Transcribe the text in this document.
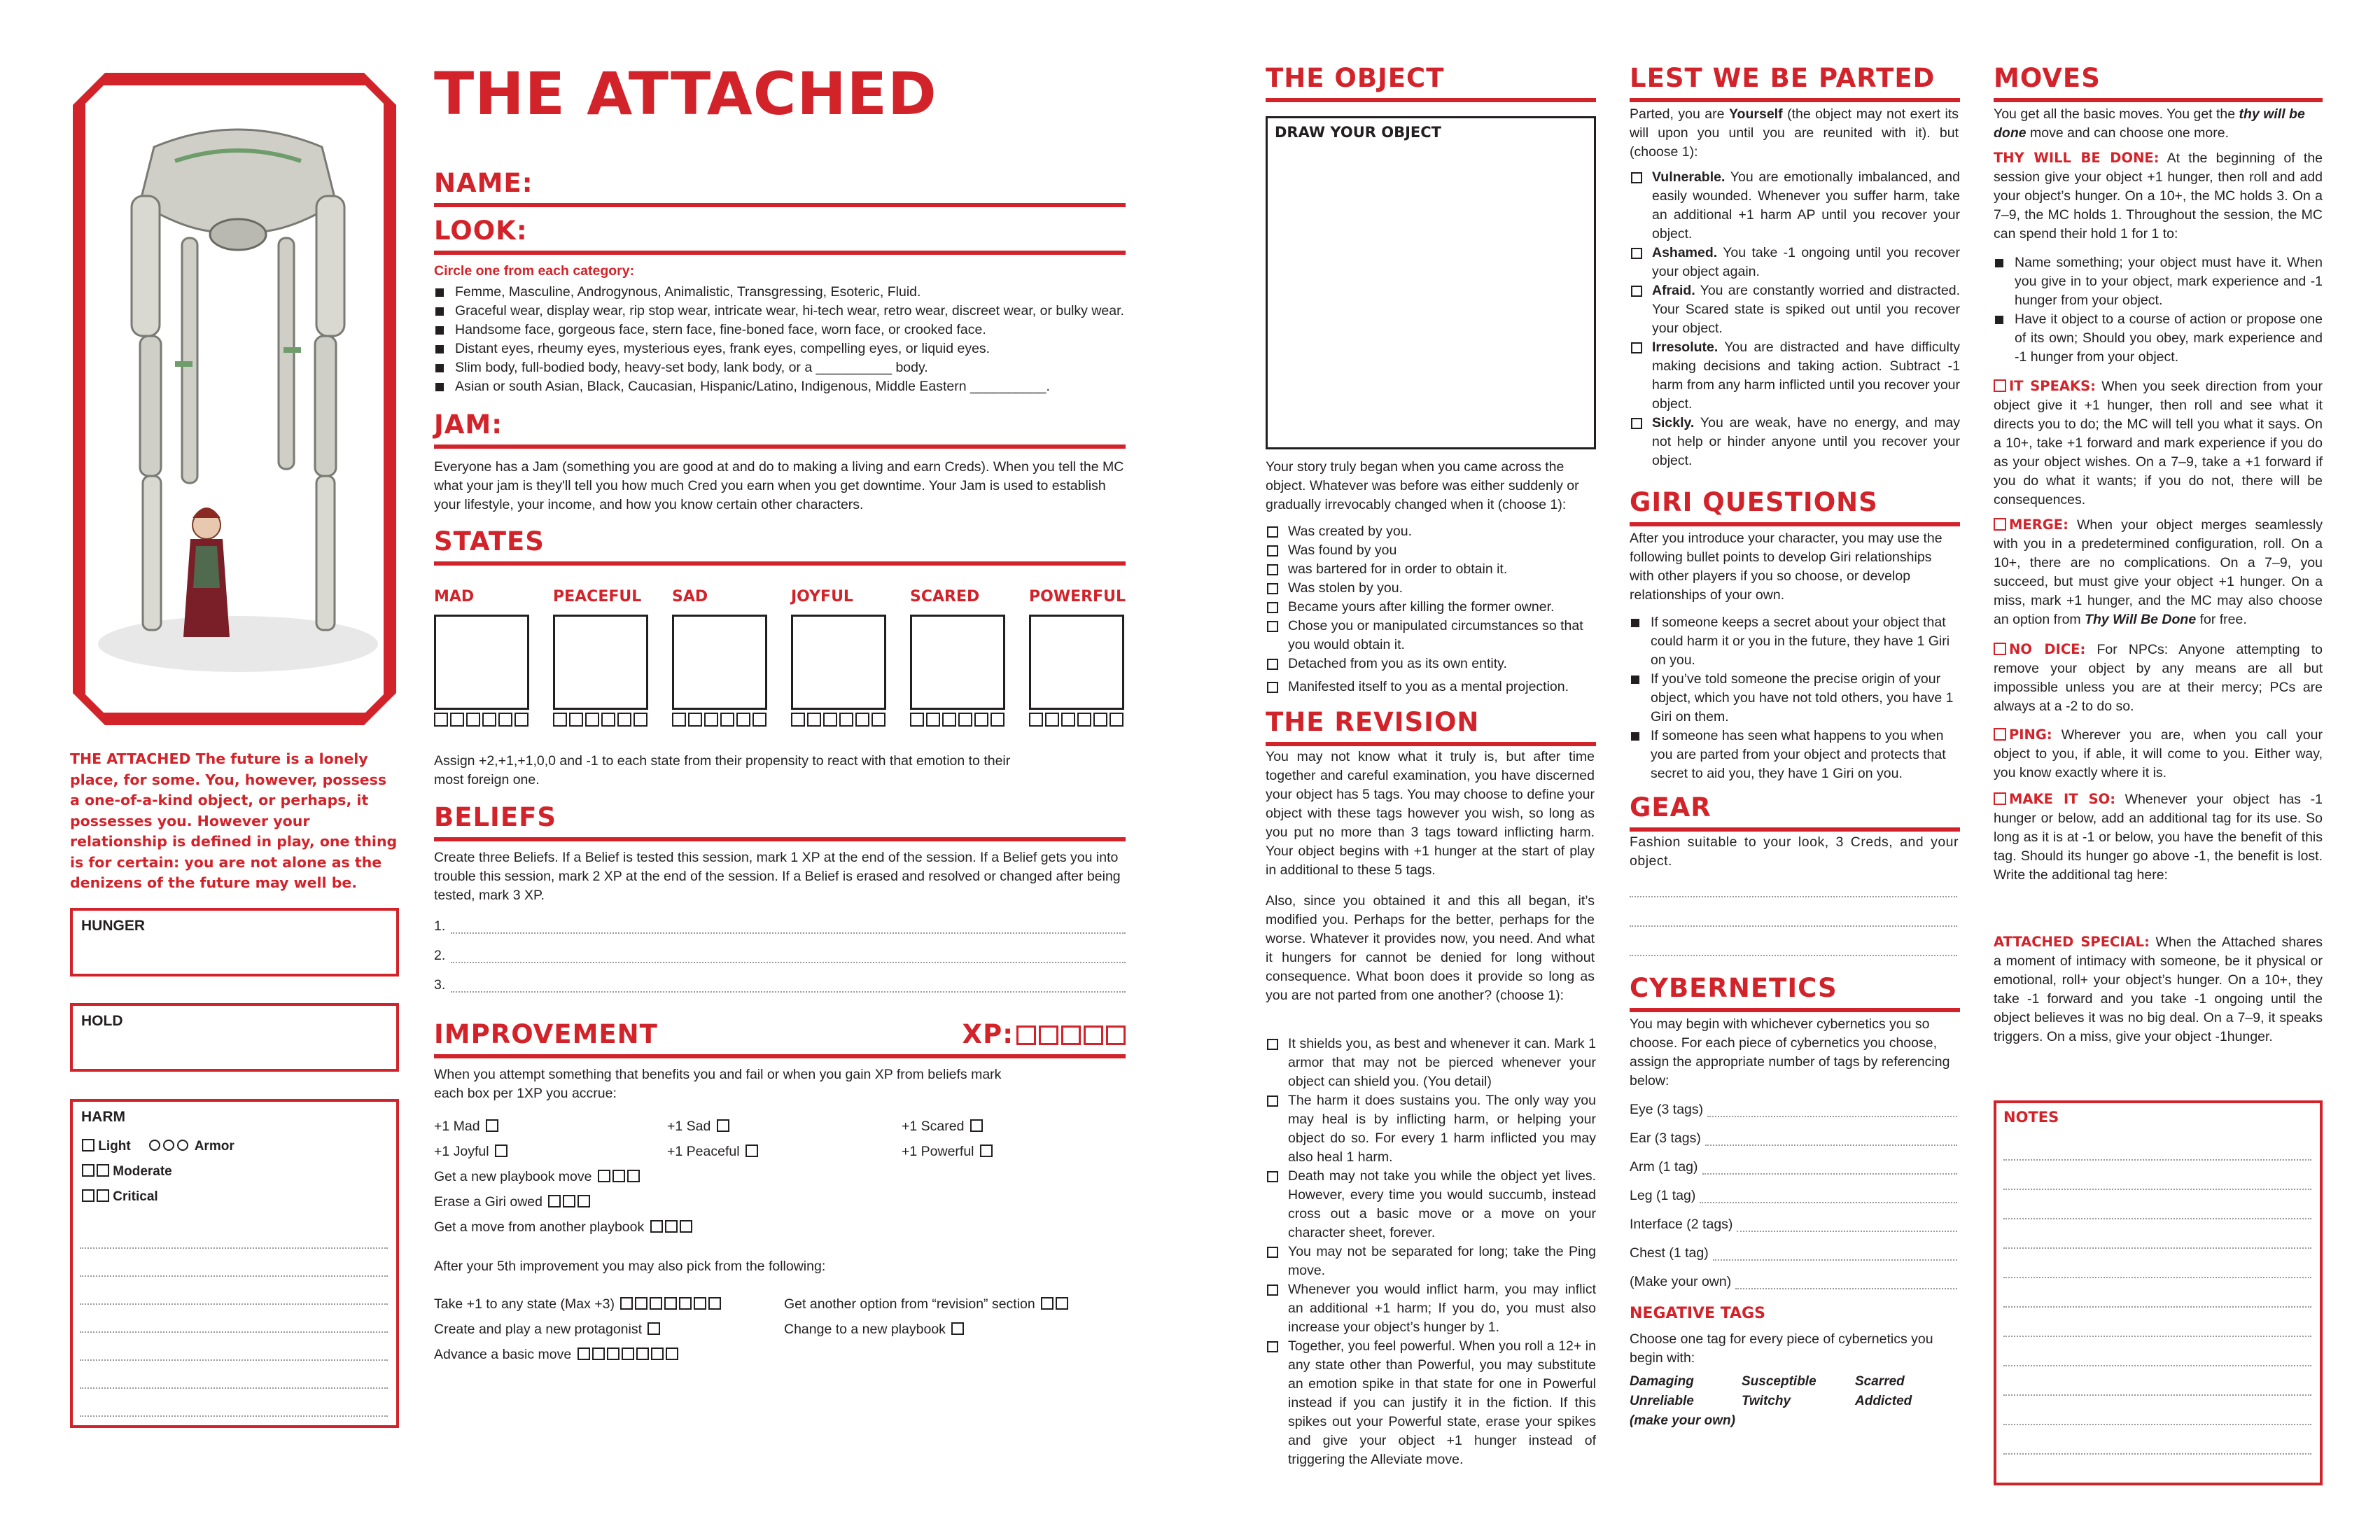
THE ATTACHED The future is a lonely place, for some. You, however, possess a one-of-a-kind object, or perhaps, it possesses you. However your relationship is defined in play, one thing is for certain: you are not alone as the denizens of the future may well be.
HUNGER
HOLD
HARM
Light	Armor
Moderate
Critical
THE ATTACHED
NAME:
LOOK:
Circle one from each category:
Femme, Masculine, Androgynous, Animalistic, Transgressing, Esoteric, Fluid.
Graceful wear, display wear, rip stop wear, intricate wear, hi-tech wear, retro wear, discreet wear, or bulky wear.
Handsome face, gorgeous face, stern face, fine-boned face, worn face, or crooked face.
Distant eyes, rheumy eyes, mysterious eyes, frank eyes, compelling eyes, or liquid eyes.
Slim body, full-bodied body, heavy-set body, lank body, or a __________ body.
Asian or south Asian, Black, Caucasian, Hispanic/Latino, Indigenous, Middle Eastern __________.
JAM:

Everyone has a Jam (something you are good at and do to making a living and earn Creds). When you tell the MC what your jam is they'll tell you how much Cred you earn when you get downtime. Your Jam is used to establish your lifestyle, your income, and how you know certain other characters.

STATES
MAD	PEACEFUL SAD	JOYFUL	SCARED	POWERFUL

Assign +2,+1,+1,0,0 and -1 to each state from their propensity to react with that emotion to their most foreign one.

BELIEFS

Create three Beliefs. If a Belief is tested this session, mark 1 XP at the end of the session. If a Belief gets you into trouble this session, mark 2 XP at the end of the session. If a Belief is erased and resolved or changed after being tested, mark 3 XP.

1.
2.
3.
IMPROVEMENT	XP:

When you attempt something that benefits you and fail or when you gain XP from beliefs mark each box per 1XP you accrue:

+1 Mad	+1 Sad	+1 Scared
+1 Joyful	+1 Peaceful	+1 Powerful
Get a new playbook move
Erase a Giri owed
Get a move from another playbook
After your 5th improvement you may also pick from the following:
Take +1 to any state (Max +3)	Get another option from “revision” section
Create and play a new protagonist	Change to a new playbook
Advance a basic move
THE OBJECT
DRAW YOUR OBJECT

Your story truly began when you came across the object. Whatever was before was either suddenly or gradually irrevocably changed when it (choose 1):

Was created by you.
Was found by you
was bartered for in order to obtain it.
Was stolen by you.
Became yours after killing the former owner.
Chose you or manipulated circumstances so that you would obtain it.
Detached from you as its own entity.
Manifested itself to you as a mental projection.
THE REVISION

You may not know what it truly is, but after time together and careful examination, you have discerned your object has 5 tags. You may choose to define your object with these tags however you wish, so long as you put no more than 3 tags toward inflicting harm. Your object begins with +1 hunger at the start of play in additional to these 5 tags.

Also, since you obtained it and this all began, it’s modified you. Perhaps for the better, perhaps for the worse. Whatever it provides now, you need. And what it hungers for cannot be denied for long without consequence. What boon does it provide so long as you are not parted from one another? (choose 1):

It shields you, as best and whenever it can. Mark 1 armor that may not be pierced whenever your object can shield you. (You detail)
The harm it does sustains you. The only way you may heal is by inflicting harm, or helping your object do so. For every 1 harm inflicted you may also heal 1 harm.
Death may not take you while the object yet lives. However, every time you would succumb, instead cross out a basic move or a move on your character sheet, forever.
You may not be separated for long; take the Ping move.
Whenever you would inflict harm, you may inflict an additional +1 harm; If you do, you must also increase your object’s hunger by 1.
Together, you feel powerful. When you roll a 12+ in any state other than Powerful, you may substitute an emotion spike in that state for one in Powerful instead if you can justify it in the fiction. If this spikes out your Powerful state, erase your spikes and give your object +1 hunger instead of triggering the Alleviate move.
LEST WE BE PARTED

Parted, you are Yourself (the object may not exert its will upon you until you are reunited with it). but (choose 1):

Vulnerable. You are emotionally imbalanced, and easily wounded. Whenever you suffer harm, take an additional +1 harm AP until you recover your object.
Ashamed. You take -1 ongoing until you recover your object again.
Afraid. You are constantly worried and distracted. Your Scared state is spiked out until you recover your object.
Irresolute. You are distracted and have difficulty making decisions and taking action. Subtract -1 harm from any harm inflicted until you recover your object.
Sickly. You are weak, have no energy, and may not help or hinder anyone until you recover your object.
GIRI QUESTIONS

After you introduce your character, you may use the following bullet points to develop Giri relationships with other players if you so choose, or develop relationships of your own.

If someone keeps a secret about your object that could harm it or you in the future, they have 1 Giri on you.
If you’ve told someone the precise origin of your object, which you have not told others, you have 1 Giri on them.
If someone has seen what happens to you when you are parted from your object and protects that secret to aid you, they have 1 Giri on you.
GEAR

Fashion suitable to your look, 3 Creds, and your object.

CYBERNETICS

You may begin with whichever cybernetics you so choose. For each piece of cybernetics you choose, assign the appropriate number of tags by referencing below:

Eye (3 tags)
Ear (3 tags)
Arm (1 tag)
Leg (1 tag)
Interface (2 tags)
Chest (1 tag)
(Make your own)
NEGATIVE TAGS

Choose one tag for every piece of cybernetics you begin with:

Damaging	Susceptible	Scarred
Unreliable	Twitchy	Addicted
(make your own)
MOVES

You get all the basic moves. You get the thy will be done move and can choose one more.

THY WILL BE DONE: At the beginning of the session give your object +1 hunger, then roll and add your object’s hunger. On a 10+, the MC holds 3. On a 7–9, the MC holds 1. Throughout the session, the MC can spend their hold 1 for 1 to:

Name something; your object must have it. When you give in to your object, mark experience and -1 hunger from your object.
Have it object to a course of action or propose one of its own; Should you obey, mark experience and -1 hunger from your object.

IT SPEAKS: When you seek direction from your object give it +1 hunger, then roll and see what it directs you to do; the MC will tell you what it says. On a 10+, take +1 forward and mark experience if you do as your object wishes. On a 7–9, take a +1 forward if you do what it wants; if you do not, there will be consequences.

MERGE: When your object merges seamlessly with you in a predetermined configuration, roll. On a 10+, there are no complications. On a 7–9, you succeed, but must give your object +1 hunger. On a miss, mark +1 hunger, and the MC may also choose an option from Thy Will Be Done for free.

NO DICE: For NPCs: Anyone attempting to remove your object by any means are all but impossible unless you are at their mercy; PCs are always at a -2 to do so.

PING: Wherever you are, when you call your object to you, if able, it will come to you. Either way, you know exactly where it is.

MAKE IT SO: Whenever your object has -1 hunger or below, add an additional tag for its use. So long as it is at -1 or below, you have the benefit of this tag. Should its hunger go above -1, the benefit is lost. Write the additional tag here:

ATTACHED SPECIAL: When the Attached shares a moment of intimacy with someone, be it physical or emotional, roll+ your object’s hunger. On a 10+, they take -1 forward and you take -1 ongoing until the object believes it was no big deal. On a 7–9, it speaks triggers. On a miss, give your object -1hunger.

NOTES
